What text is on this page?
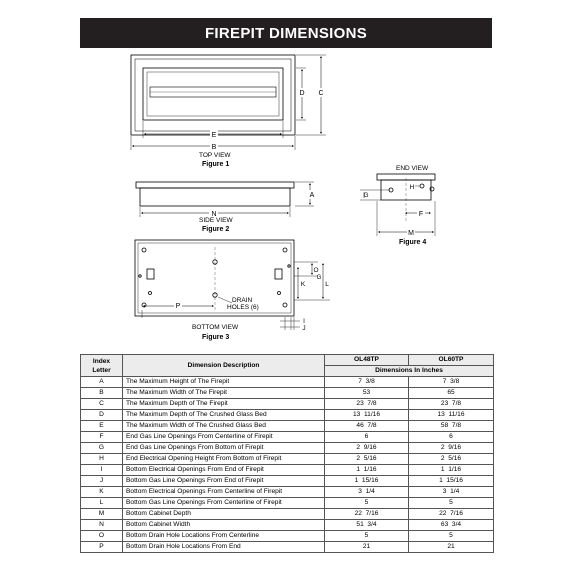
FIREPIT DIMENSIONS
E
B
D C
N
A
P
O
K	L
G
I
J
G
H
F
M
TOP VIEW
Figure 1
SIDE VIEW
Figure 2
DRAIN
HOLES (6)
BOTTOM VIEW
Figure 3
END VIEW
Figure 4
Index
Letter	Dimension Description	OL48TP	OL60TP
		Dimensions In Inches	
A	The Maximum Height of The Firepit	7  3/8	7  3/8
B	The Maximum Width of The Firepit	53	65
C	The Maximum Depth of The Firepit	23  7/8	23  7/8
D	The Maximum Depth of The Crushed Glass Bed	13  11/16	13  11/16
E	The Maximum Width of The Crushed Glass Bed	46  7/8	58  7/8
F	End Gas Line Openings From Centerline of Firepit	6	6
G	End Gas Line Openings From Bottom of Firepit	2  9/16	2  9/16
H	End Electrical Opening Height From Bottom of Firepit	2  5/16	2  5/16
I	Bottom Electrical Openings From End of Firepit	1  1/16	1  1/16
J	Bottom Gas Line Openings From End of Firepit	1  15/16	1  15/16
K	Bottom Electrical Openings From Centerline of Firepit	3  1/4	3  1/4
L	Bottom Gas Line Openings From Centerline of Firepit	5	5
M	Bottom Cabinet Depth	22  7/16	22  7/16
N	Bottom Cabinet Width	51  3/4	63  3/4
O	Bottom Drain Hole Locations From Centerline	5	5
P	Bottom Drain Hole Locations From End	21	21
